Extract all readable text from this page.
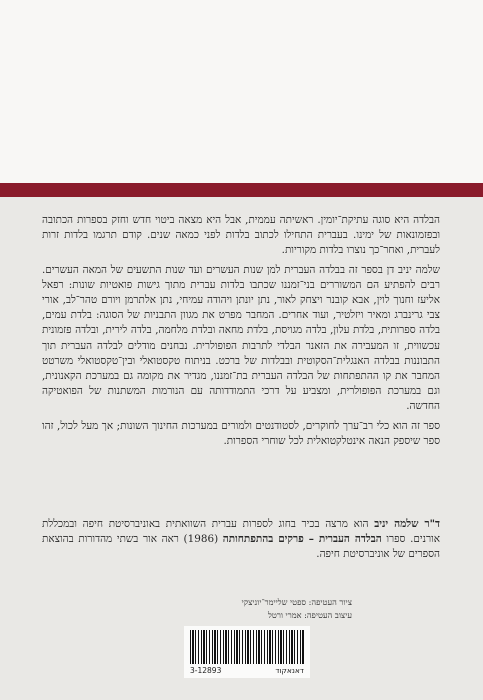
הבלדה היא סוגה עתיקת־יומין. ראשיתה עממית, אבל היא מצאה ביטוי חדש וחזק בספרות הכתובה ובפזמונאות של ימינו. בעברית התחילו לכתוב בלדות לפני כמאה שנים. קודם תרגמו בלדות זרות לעברית, ואחר־כך נוצרו בלדות מקוריות.

שלמה יניב דן בספר זה בבלדה העברית למן שנות העשרים ועד שנות התשעים של המאה העשרים. רבים להפתיע הם המשוררים בני־זמננו שכתבו בלדות עברית מתוך גישות פואטיות שונות: רפאל אליעז וחנוך לוין, אבא קובנר ויצחק לאור, נתן יונתן ויהודה עמיחי, נתן אלתרמן ויורם טהר־לב, אורי צבי גרינברג ומאיר ויזלטיר, ועוד אחרים. המחבר מפרט את מגוון התבניות של הסוגה: בלדת עמים, בלדה ספרותית, בלדת עלון, בלדה מגויסת, בלדת מחאה ובלדת מלחמה, בלדה לירית, ובלדה פזמונית עכשווית, זו המעבירה את הזאנר הבלדי לתרבות הפופולרית. נבחנים מודלים לבלדה העברית תוך התבוננות בבלדה האנגלית־הסקוטית ובבלדות של ברכט. בניתוח טקסטואלי ובין־טקסטואלי משרטט המחבר את קו ההתפתחות של הבלדה העברית בת־זמננו, מגדיר את מקומה גם במערכת הקאנונית, וגם במערכת הפופולרית, ומצביע על דרכי התמודדותה עם הנורמות המשתנות של הפואטיקה החדשה.

ספר זה הוא כלי רב־ערך לחוקרים, לסטודנטים ולמורים במערכות החינוך השונות; אך מעל לכול, זהו ספר שיספק הנאה אינטלקטואלית לכל שוחרי הספרות.

ד"ר שלמה יניב הוא מרצה בכיר בחוג לספרות עברית השוואתית באוניברסיטת חיפה ובמכללת אורנים. ספרו הבלדה העברית – פרקים בהתפתחותה (1986) ראה אור בשתי מהדורות בהוצאת הספרים של אוניברסיטת חיפה.
ציור העטיפה: ספטי שליימר־יוניצקי
עיצוב העטיפה: אמרי ורטל
דאנאקוד
3-12893
